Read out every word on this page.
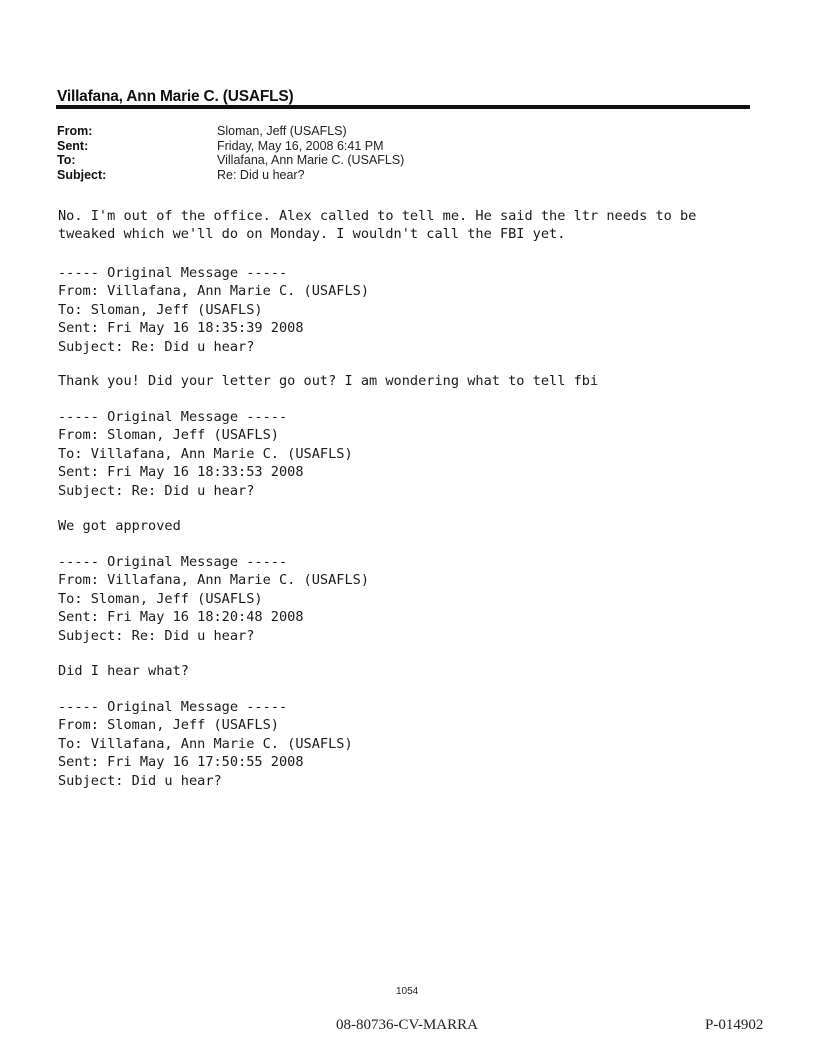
Villafana, Ann Marie C. (USAFLS)
From:	Sloman, Jeff (USAFLS)
Sent:	Friday, May 16, 2008 6:41 PM
To:	Villafana, Ann Marie C. (USAFLS)
Subject:	Re: Did u hear?
No. I'm out of the office. Alex called to tell me. He said the ltr needs to be
tweaked which we'll do on Monday. I wouldn't call the FBI yet.
----- Original Message -----
From: Villafana, Ann Marie C. (USAFLS)
To: Sloman, Jeff (USAFLS)
Sent: Fri May 16 18:35:39 2008
Subject: Re: Did u hear?
Thank you! Did your letter go out? I am wondering what to tell fbi
----- Original Message -----
From: Sloman, Jeff (USAFLS)
To: Villafana, Ann Marie C. (USAFLS)
Sent: Fri May 16 18:33:53 2008
Subject: Re: Did u hear?
We got approved
----- Original Message -----
From: Villafana, Ann Marie C. (USAFLS)
To: Sloman, Jeff (USAFLS)
Sent: Fri May 16 18:20:48 2008
Subject: Re: Did u hear?
Did I hear what?
----- Original Message -----
From: Sloman, Jeff (USAFLS)
To: Villafana, Ann Marie C. (USAFLS)
Sent: Fri May 16 17:50:55 2008
Subject: Did u hear?
1054
08-80736-CV-MARRA	P-014902
